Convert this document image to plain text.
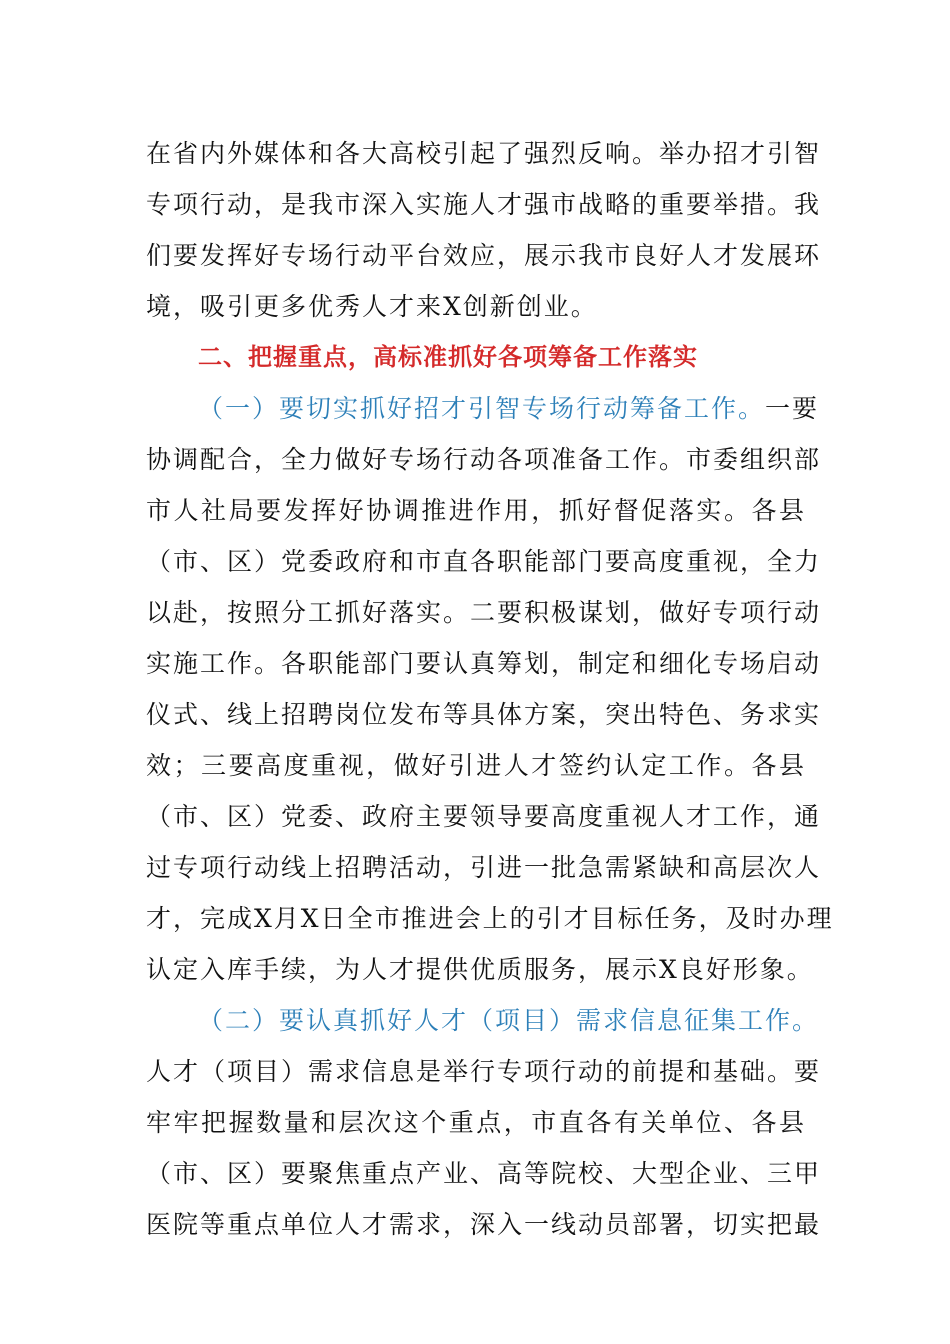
在省内外媒体和各大高校引起了强烈反响。举办招才引智
专项行动，是我市深入实施人才强市战略的重要举措。我
们要发挥好专场行动平台效应，展示我市良好人才发展环
境，吸引更多优秀人才来X创新创业。
二、把握重点，高标准抓好各项筹备工作落实
（一）要切实抓好招才引智专场行动筹备工作。一要
协调配合，全力做好专场行动各项准备工作。市委组织部
市人社局要发挥好协调推进作用，抓好督促落实。各县
（市、区）党委政府和市直各职能部门要高度重视，全力
以赴，按照分工抓好落实。二要积极谋划，做好专项行动
实施工作。各职能部门要认真筹划，制定和细化专场启动
仪式、线上招聘岗位发布等具体方案，突出特色、务求实
效；三要高度重视，做好引进人才签约认定工作。各县
（市、区）党委、政府主要领导要高度重视人才工作，通
过专项行动线上招聘活动，引进一批急需紧缺和高层次人
才，完成X月X日全市推进会上的引才目标任务，及时办理
认定入库手续，为人才提供优质服务，展示X良好形象。
（二）要认真抓好人才（项目）需求信息征集工作。
人才（项目）需求信息是举行专项行动的前提和基础。要
牢牢把握数量和层次这个重点，市直各有关单位、各县
（市、区）要聚焦重点产业、高等院校、大型企业、三甲
医院等重点单位人才需求，深入一线动员部署，切实把最
